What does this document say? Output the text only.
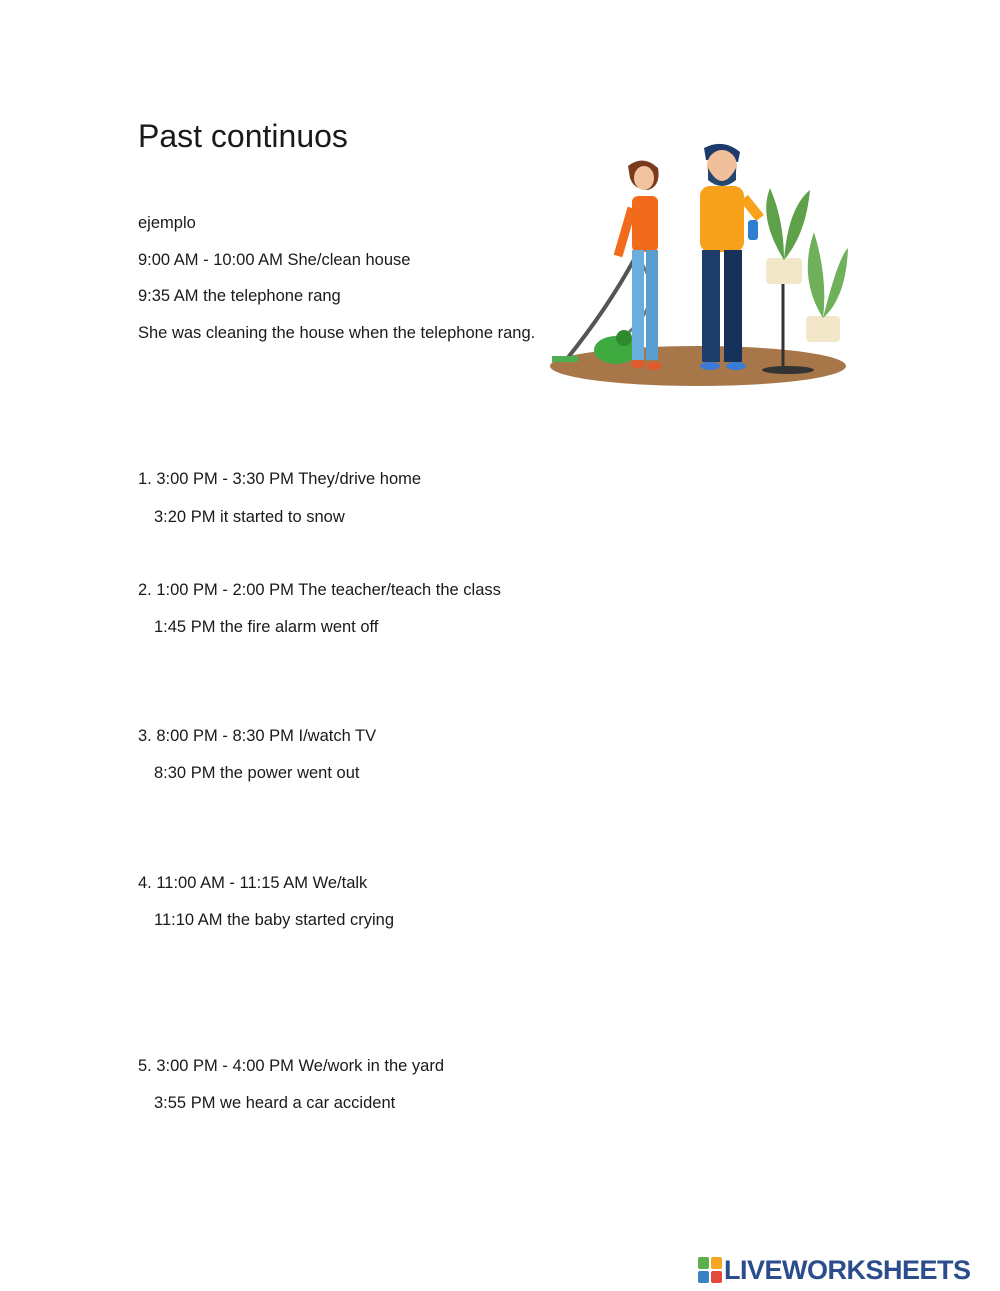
Past continuos
ejemplo
9:00 AM - 10:00 AM She/clean house
9:35 AM the telephone rang
She was cleaning the house when the telephone rang.
1. 3:00 PM - 3:30 PM They/drive home
3:20 PM it started to snow
2. 1:00 PM - 2:00 PM The teacher/teach the class
1:45 PM the fire alarm went off
3. 8:00 PM - 8:30 PM I/watch TV
8:30 PM the power went out
4. 11:00 AM - 11:15 AM We/talk
11:10 AM the baby started crying
5. 3:00 PM - 4:00 PM We/work in the yard
3:55 PM we heard a car accident
LIVEWORKSHEETS
